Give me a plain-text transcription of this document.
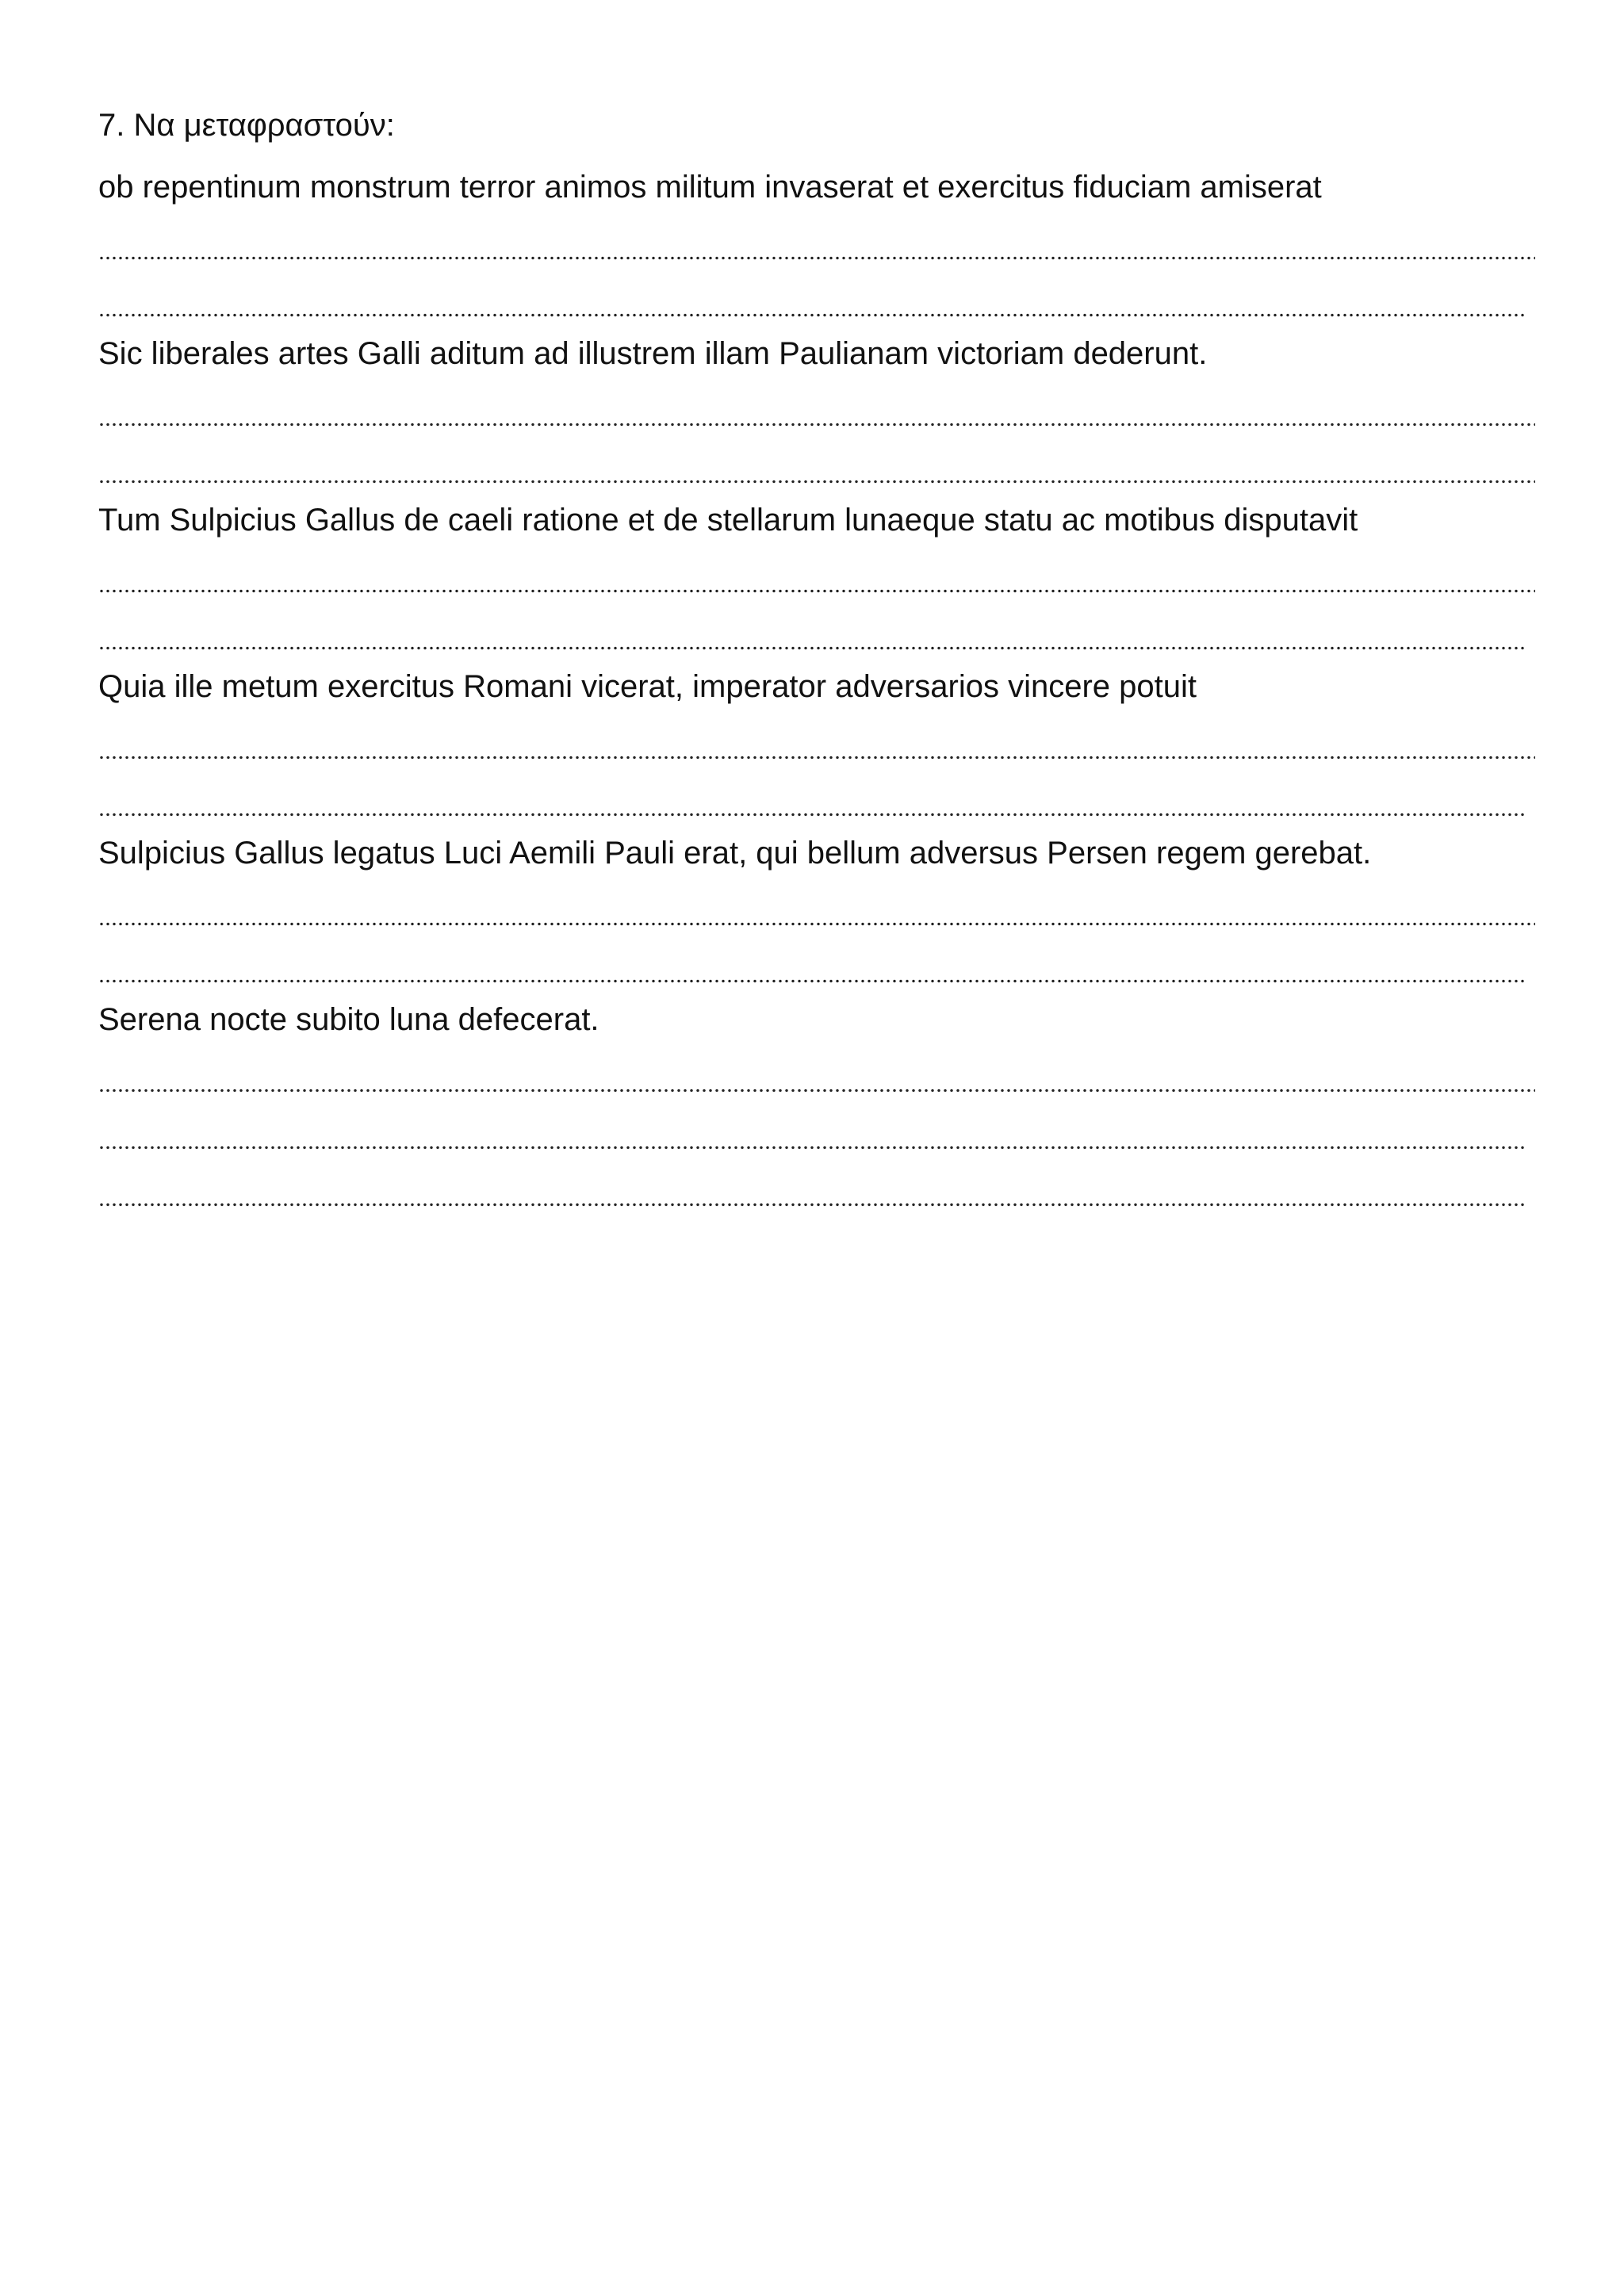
7. Να μεταφραστούν:
ob repentinum monstrum terror animos militum invaserat et exercitus fiduciam amiserat
Sic liberales artes Galli aditum ad illustrem illam Paulianam victoriam dederunt.
Tum Sulpicius Gallus de caeli ratione et de stellarum lunaeque statu ac motibus disputavit
Quia ille metum exercitus Romani vicerat, imperator adversarios vincere potuit
Sulpicius Gallus legatus Luci Aemili Pauli erat, qui bellum adversus Persen regem gerebat.
Serena nocte subito luna defecerat.
